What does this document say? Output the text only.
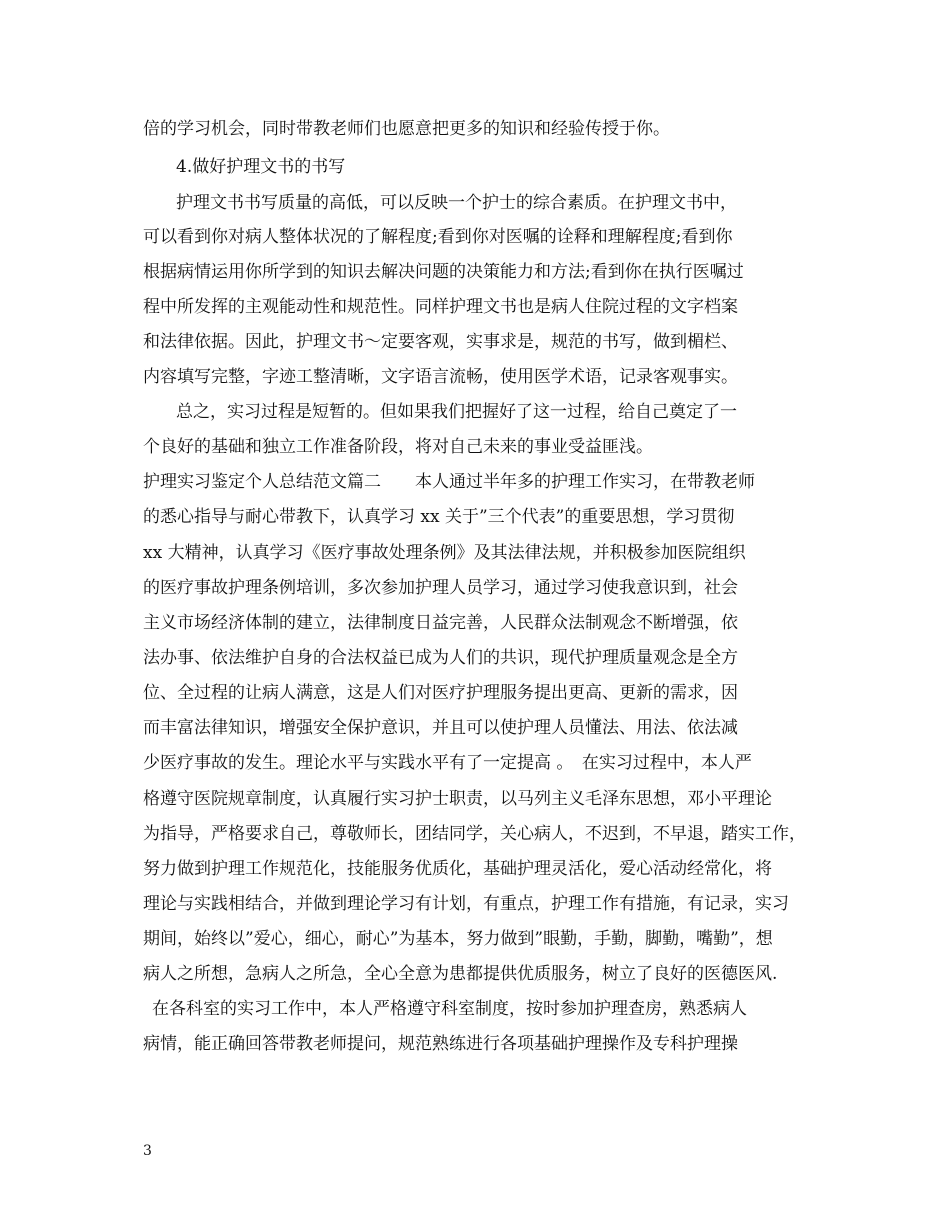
倍的学习机会，同时带教老师们也愿意把更多的知识和经验传授于你。
4.做好护理文书的书写
护理文书书写质量的高低，可以反映一个护士的综合素质。在护理文书中，
可以看到你对病人整体状况的了解程度;看到你对医嘱的诠释和理解程度;看到你
根据病情运用你所学到的知识去解决问题的决策能力和方法;看到你在执行医嘱过
程中所发挥的主观能动性和规范性。同样护理文书也是病人住院过程的文字档案
和法律依据。因此，护理文书～定要客观，实事求是，规范的书写，做到楣栏、
内容填写完整，字迹工整清晰，文字语言流畅，使用医学术语，记录客观事实。
总之，实习过程是短暂的。但如果我们把握好了这一过程，给自己奠定了一
个良好的基础和独立工作准备阶段，将对自己未来的事业受益匪浅。
护理实习鉴定个人总结范文篇二　　本人通过半年多的护理工作实习，在带教老师
的悉心指导与耐心带教下，认真学习 xx 关于”三个代表”的重要思想，学习贯彻
xx 大精神，认真学习《医疗事故处理条例》及其法律法规，并积极参加医院组织
的医疗事故护理条例培训，多次参加护理人员学习，通过学习使我意识到，社会
主义市场经济体制的建立，法律制度日益完善，人民群众法制观念不断增强，依
法办事、依法维护自身的合法权益已成为人们的共识，现代护理质量观念是全方
位、全过程的让病人满意，这是人们对医疗护理服务提出更高、更新的需求，因
而丰富法律知识，增强安全保护意识，并且可以使护理人员懂法、用法、依法减
少医疗事故的发生。理论水平与实践水平有了一定提高 。　在实习过程中，本人严
格遵守医院规章制度，认真履行实习护士职责，以马列主义毛泽东思想，邓小平理论
为指导，严格要求自己，尊敬师长，团结同学，关心病人，不迟到，不早退，踏实工作，
努力做到护理工作规范化，技能服务优质化，基础护理灵活化，爱心活动经常化，将
理论与实践相结合，并做到理论学习有计划，有重点，护理工作有措施，有记录，实习
期间，始终以”爱心，细心，耐心”为基本，努力做到”眼勤，手勤，脚勤，嘴勤”，想
病人之所想，急病人之所急，全心全意为患都提供优质服务，树立了良好的医德医风.
在各科室的实习工作中，本人严格遵守科室制度，按时参加护理查房，熟悉病人
病情，能正确回答带教老师提问，规范熟练进行各项基础护理操作及专科护理操
3
